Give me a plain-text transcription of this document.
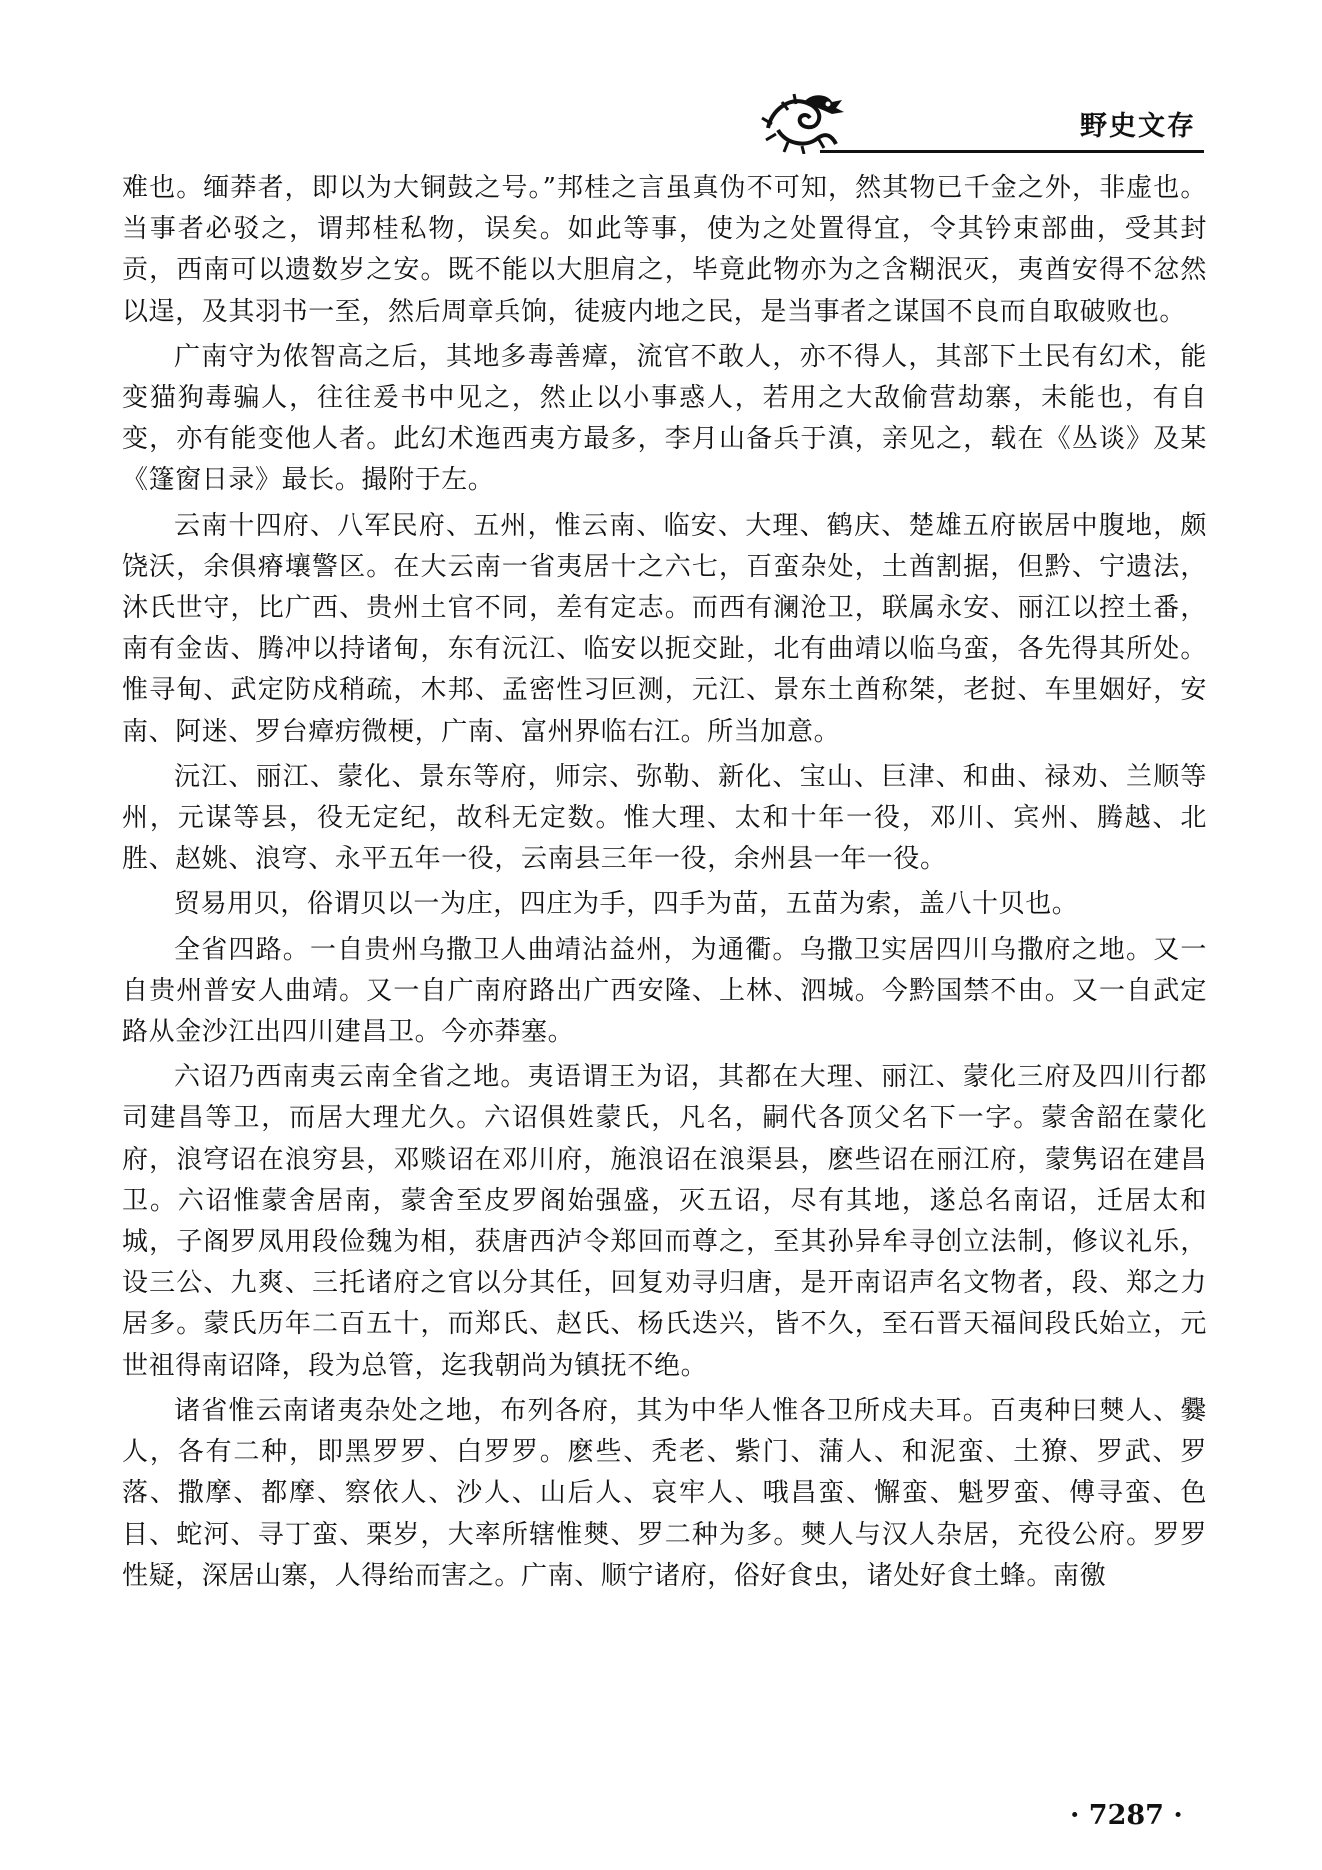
野史文存

难也。缅莽者，即以为大铜鼓之号。”邦桂之言虽真伪不可知，然其物已千金之外，非虚也。当事者必驳之，谓邦桂私物，误矣。如此等事，使为之处置得宜，令其钤束部曲，受其封贡，西南可以遗数岁之安。既不能以大胆肩之，毕竟此物亦为之含糊泯灭，夷酋安得不忿然以逞，及其羽书一至，然后周章兵饷，徒疲内地之民，是当事者之谋国不良而自取破败也。

广南守为侬智高之后，其地多毒善瘴，流官不敢人，亦不得人，其部下土民有幻术，能变猫狗毒骗人，往往爰书中见之，然止以小事惑人，若用之大敌偷营劫寨，未能也，有自变，亦有能变他人者。此幻术迤西夷方最多，李月山备兵于滇，亲见之，载在《丛谈》及某《篷窗日录》最长。撮附于左。

云南十四府、八军民府、五州，惟云南、临安、大理、鹤庆、楚雄五府嵌居中腹地，颇饶沃，余俱瘠壤警区。在大云南一省夷居十之六七，百蛮杂处，土酋割据，但黔、宁遗法，沐氏世守，比广西、贵州土官不同，差有定志。而西有澜沧卫，联属永安、丽江以控土番，南有金齿、腾冲以持诸甸，东有沅江、临安以扼交趾，北有曲靖以临乌蛮，各先得其所处。惟寻甸、武定防戍稍疏，木邦、孟密性习叵测，元江、景东土酋称桀，老挝、车里姻好，安南、阿迷、罗台瘴疠微梗，广南、富州界临右江。所当加意。

沅江、丽江、蒙化、景东等府，师宗、弥勒、新化、宝山、巨津、和曲、禄劝、兰顺等州，元谋等县，役无定纪，故科无定数。惟大理、太和十年一役，邓川、宾州、腾越、北胜、赵姚、浪穹、永平五年一役，云南县三年一役，余州县一年一役。

贸易用贝，俗谓贝以一为庄，四庄为手，四手为苗，五苗为索，盖八十贝也。

全省四路。一自贵州乌撒卫人曲靖沾益州，为通衢。乌撒卫实居四川乌撒府之地。又一自贵州普安人曲靖。又一自广南府路出广西安隆、上林、泗城。今黔国禁不由。又一自武定路从金沙江出四川建昌卫。今亦莽塞。

六诏乃西南夷云南全省之地。夷语谓王为诏，其都在大理、丽江、蒙化三府及四川行都司建昌等卫，而居大理尤久。六诏俱姓蒙氏，凡名，嗣代各顶父名下一字。蒙舍韶在蒙化府，浪穹诏在浪穷县，邓赕诏在邓川府，施浪诏在浪渠县，麽些诏在丽江府，蒙隽诏在建昌卫。六诏惟蒙舍居南，蒙舍至皮罗阁始强盛，灭五诏，尽有其地，遂总名南诏，迁居太和城，子阁罗凤用段俭魏为相，获唐西泸令郑回而尊之，至其孙异牟寻创立法制，修议礼乐，设三公、九爽、三托诸府之官以分其任，回复劝寻归唐，是开南诏声名文物者，段、郑之力居多。蒙氏历年二百五十，而郑氏、赵氏、杨氏迭兴，皆不久，至石晋天福间段氏始立，元世祖得南诏降，段为总管，迄我朝尚为镇抚不绝。

诸省惟云南诸夷杂处之地，布列各府，其为中华人惟各卫所戍夫耳。百夷种曰僰人、爨人，各有二种，即黑罗罗、白罗罗。麽些、秃老、紫门、蒲人、和泥蛮、土獠、罗武、罗落、撒摩、都摩、察依人、沙人、山后人、哀牢人、哦昌蛮、懈蛮、魁罗蛮、傅寻蛮、色目、蛇河、寻丁蛮、栗岁，大率所辖惟僰、罗二种为多。僰人与汉人杂居，充役公府。罗罗性疑，深居山寨，人得绐而害之。广南、顺宁诸府，俗好食虫，诸处好食土蜂。南徼

· 7287 ·
